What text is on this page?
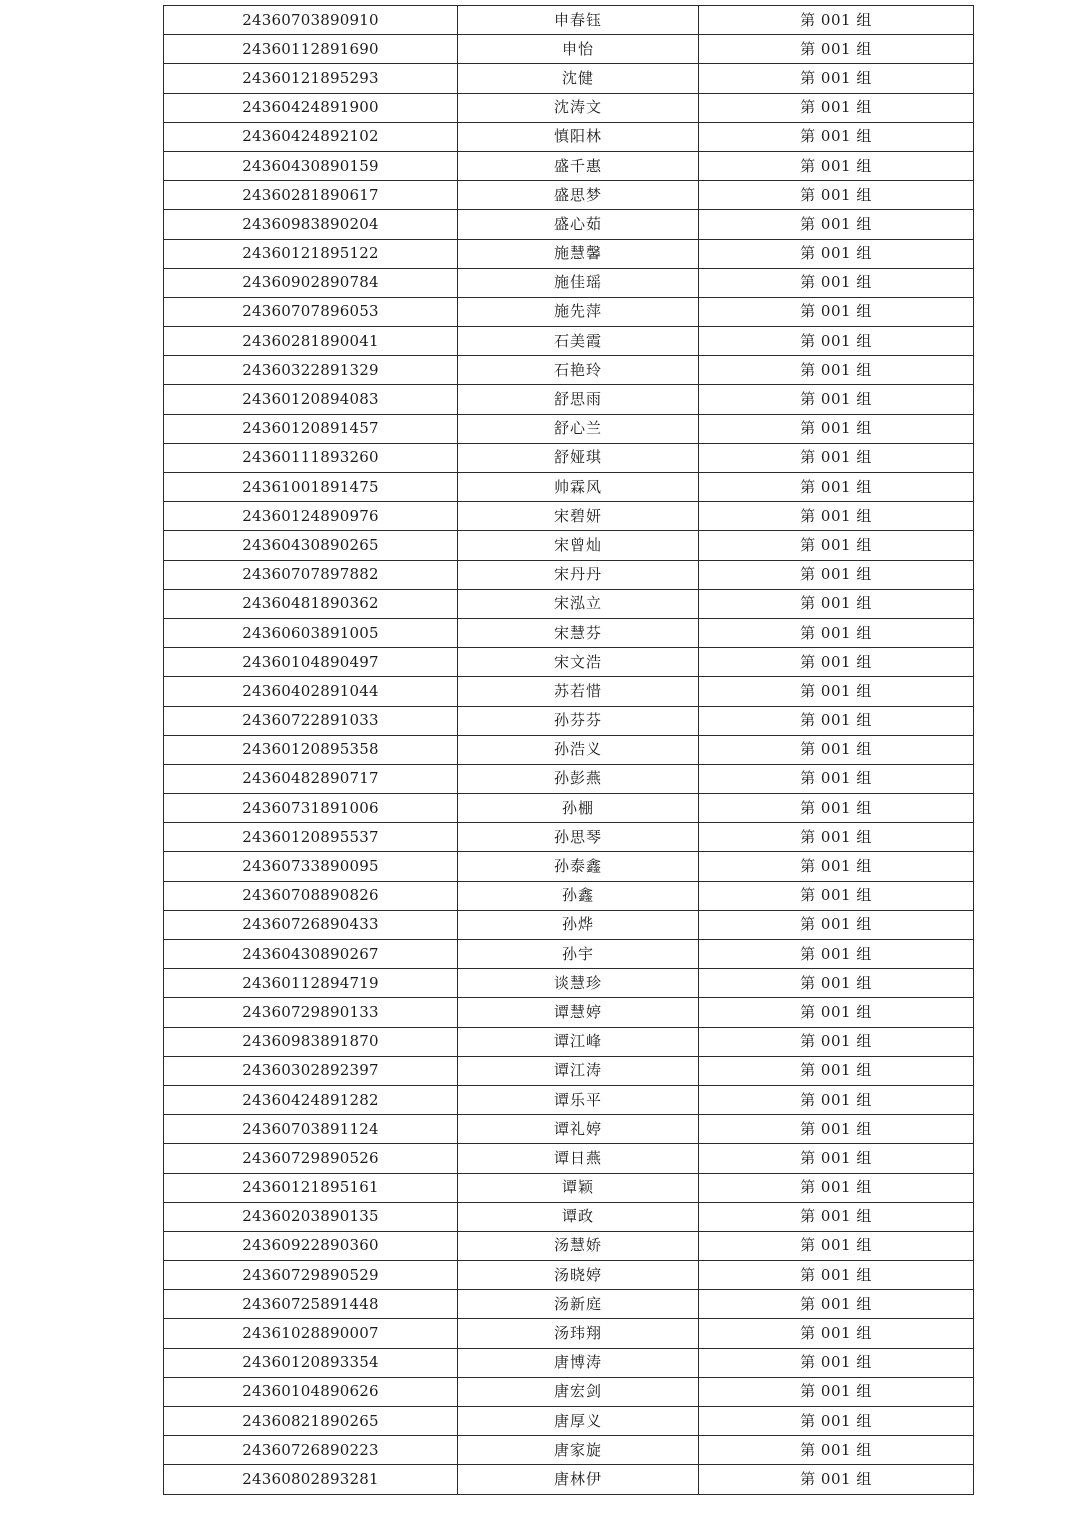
24360703890910	申春钰	第 001 组
24360112891690	申怡	第 001 组
24360121895293	沈健	第 001 组
24360424891900	沈涛文	第 001 组
24360424892102	慎阳林	第 001 组
24360430890159	盛千惠	第 001 组
24360281890617	盛思梦	第 001 组
24360983890204	盛心茹	第 001 组
24360121895122	施慧馨	第 001 组
24360902890784	施佳瑶	第 001 组
24360707896053	施先萍	第 001 组
24360281890041	石美霞	第 001 组
24360322891329	石艳玲	第 001 组
24360120894083	舒思雨	第 001 组
24360120891457	舒心兰	第 001 组
24360111893260	舒娅琪	第 001 组
24361001891475	帅霖风	第 001 组
24360124890976	宋碧妍	第 001 组
24360430890265	宋曾灿	第 001 组
24360707897882	宋丹丹	第 001 组
24360481890362	宋泓立	第 001 组
24360603891005	宋慧芬	第 001 组
24360104890497	宋文浩	第 001 组
24360402891044	苏若惜	第 001 组
24360722891033	孙芬芬	第 001 组
24360120895358	孙浩义	第 001 组
24360482890717	孙彭燕	第 001 组
24360731891006	孙棚	第 001 组
24360120895537	孙思琴	第 001 组
24360733890095	孙泰鑫	第 001 组
24360708890826	孙鑫	第 001 组
24360726890433	孙烨	第 001 组
24360430890267	孙宇	第 001 组
24360112894719	谈慧珍	第 001 组
24360729890133	谭慧婷	第 001 组
24360983891870	谭江峰	第 001 组
24360302892397	谭江涛	第 001 组
24360424891282	谭乐平	第 001 组
24360703891124	谭礼婷	第 001 组
24360729890526	谭日燕	第 001 组
24360121895161	谭颖	第 001 组
24360203890135	谭政	第 001 组
24360922890360	汤慧娇	第 001 组
24360729890529	汤晓婷	第 001 组
24360725891448	汤新庭	第 001 组
24361028890007	汤玮翔	第 001 组
24360120893354	唐博涛	第 001 组
24360104890626	唐宏剑	第 001 组
24360821890265	唐厚义	第 001 组
24360726890223	唐家旋	第 001 组
24360802893281	唐林伊	第 001 组
